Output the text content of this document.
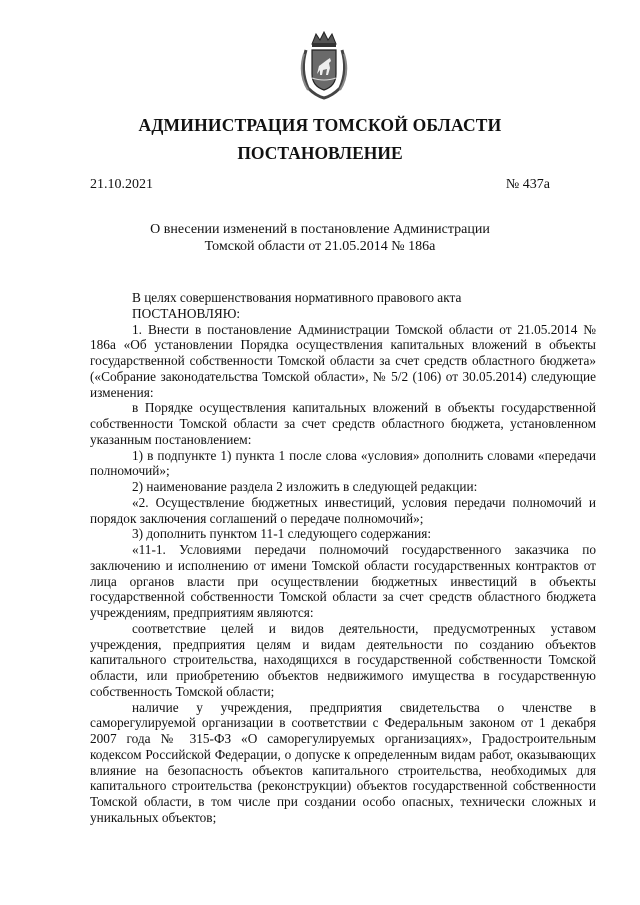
АДМИНИСТРАЦИЯ ТОМСКОЙ ОБЛАСТИ
ПОСТАНОВЛЕНИЕ
21.10.2021	№ 437а
О внесении изменений в постановление Администрации
Томской области от 21.05.2014 № 186а

В целях совершенствования нормативного правового акта

ПОСТАНОВЛЯЮ:

1. Внести в постановление Администрации Томской области от 21.05.2014 № 186а «Об установлении Порядка осуществления капитальных вложений в объекты государственной собственности Томской области за счет средств областного бюджета» («Собрание законодательства Томской области», № 5/2 (106) от 30.05.2014) следующие изменения:

в Порядке осуществления капитальных вложений в объекты государственной собственности Томской области за счет средств областного бюджета, установленном указанным постановлением:

1) в подпункте 1) пункта 1 после слова «условия» дополнить словами «передачи полномочий»;

2) наименование раздела 2 изложить в следующей редакции:

«2. Осуществление бюджетных инвестиций, условия передачи полномочий и порядок заключения соглашений о передаче полномочий»;

3) дополнить пунктом 11-1 следующего содержания:

«11-1. Условиями передачи полномочий государственного заказчика по заключению и исполнению от имени Томской области государственных контрактов от лица органов власти при осуществлении бюджетных инвестиций в объекты государственной собственности Томской области за счет средств областного бюджета учреждениям, предприятиям являются:

соответствие целей и видов деятельности, предусмотренных уставом учреждения, предприятия целям и видам деятельности по созданию объектов капитального строительства, находящихся в государственной собственности Томской области, или приобретению объектов недвижимого имущества в государственную собственность Томской области;

наличие у учреждения, предприятия свидетельства о членстве в саморегулируемой организации в соответствии с Федеральным законом от 1 декабря 2007 года № 315-ФЗ «О саморегулируемых организациях», Градостроительным кодексом Российской Федерации, о допуске к определенным видам работ, оказывающих влияние на безопасность объектов капитального строительства, необходимых для капитального строительства (реконструкции) объектов государственной собственности Томской области, в том числе при создании особо опасных, технически сложных и уникальных объектов;
